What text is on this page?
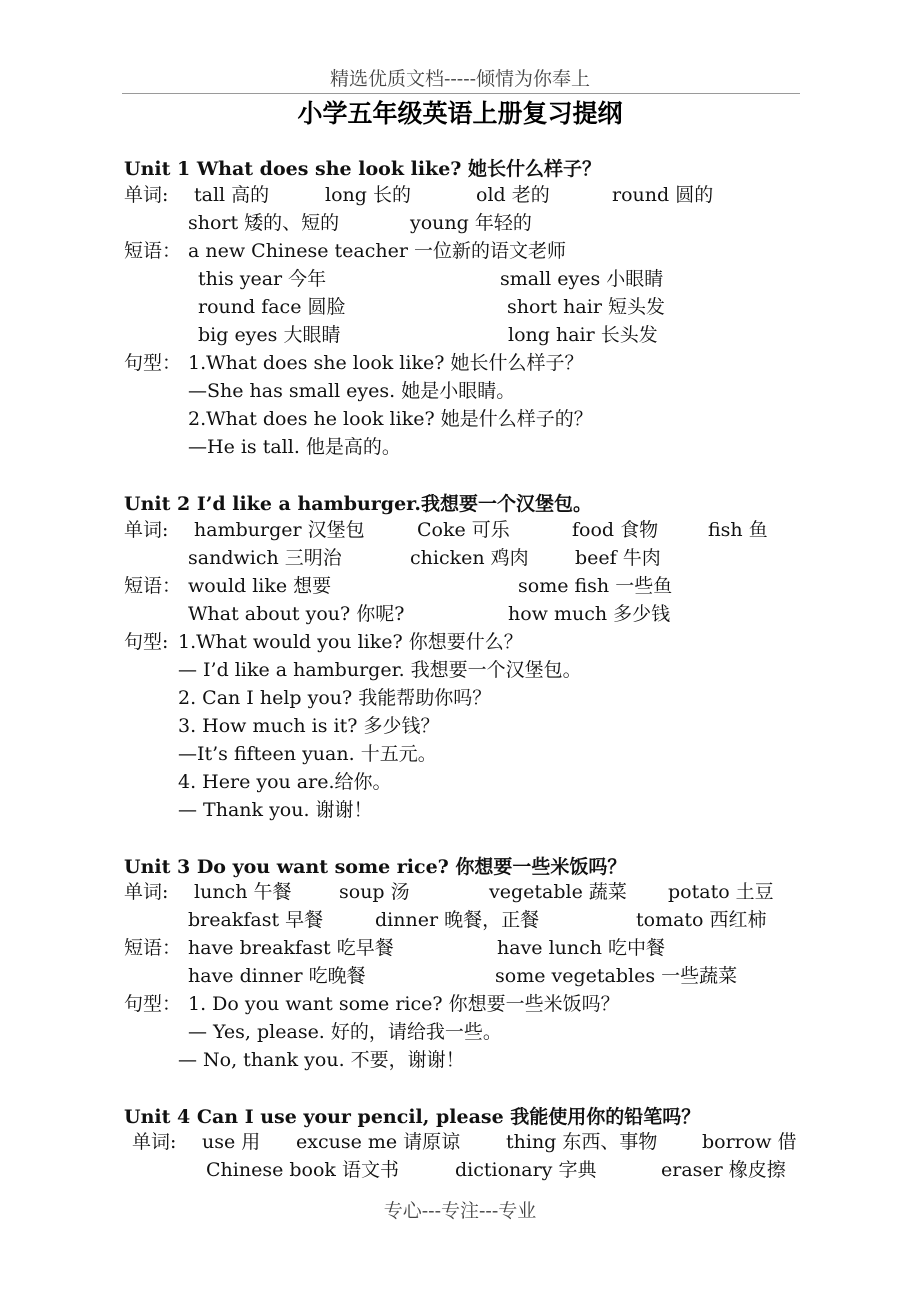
精选优质文档-----倾情为你奉上
小学五年级英语上册复习提纲
Unit 1 What does she look like? 她长什么样子？
单词: tall 高的	long 长的	old 老的	round 圆的
short 矮的、短的	young 年轻的
短语： a new Chinese teacher 一位新的语文老师
this year 今年	small eyes 小眼睛
round face 圆脸	short hair 短头发
big eyes 大眼睛	long hair 长头发
句型： 1.What does she look like? 她长什么样子？
—She has small eyes. 她是小眼睛。
2.What does he look like? 她是什么样子的？
—He is tall. 他是高的。
Unit 2 I’d like a hamburger.我想要一个汉堡包。
单词: hamburger 汉堡包	Coke 可乐	food 食物	fish 鱼
sandwich 三明治	chicken 鸡肉 beef 牛肉
短语： would like 想要	some fish 一些鱼
What about you? 你呢?	how much 多少钱
句型: 1.What would you like? 你想要什么？
— I’d like a hamburger. 我想要一个汉堡包。
2. Can I help you? 我能帮助你吗？
3. How much is it? 多少钱？
—It’s fifteen yuan. 十五元。
4. Here you are.给你。
— Thank you. 谢谢！
Unit 3 Do you want some rice? 你想要一些米饭吗？
单词: lunch 午餐	soup 汤	vegetable 蔬菜 potato 土豆
breakfast 早餐	dinner 晚餐，正餐	tomato 西红柿
短语： have breakfast 吃早餐	have lunch 吃中餐
have dinner 吃晚餐	some vegetables 一些蔬菜
句型： 1. Do you want some rice? 你想要一些米饭吗？
— Yes, please. 好的，请给我一些。
— No, thank you. 不要，谢谢！
Unit 4 Can I use your pencil, please 我能使用你的铅笔吗？
单词: use 用 excuse me 请原谅 thing 东西、事物 borrow 借
Chinese book 语文书	dictionary 字典	eraser 橡皮擦
专心---专注---专业
